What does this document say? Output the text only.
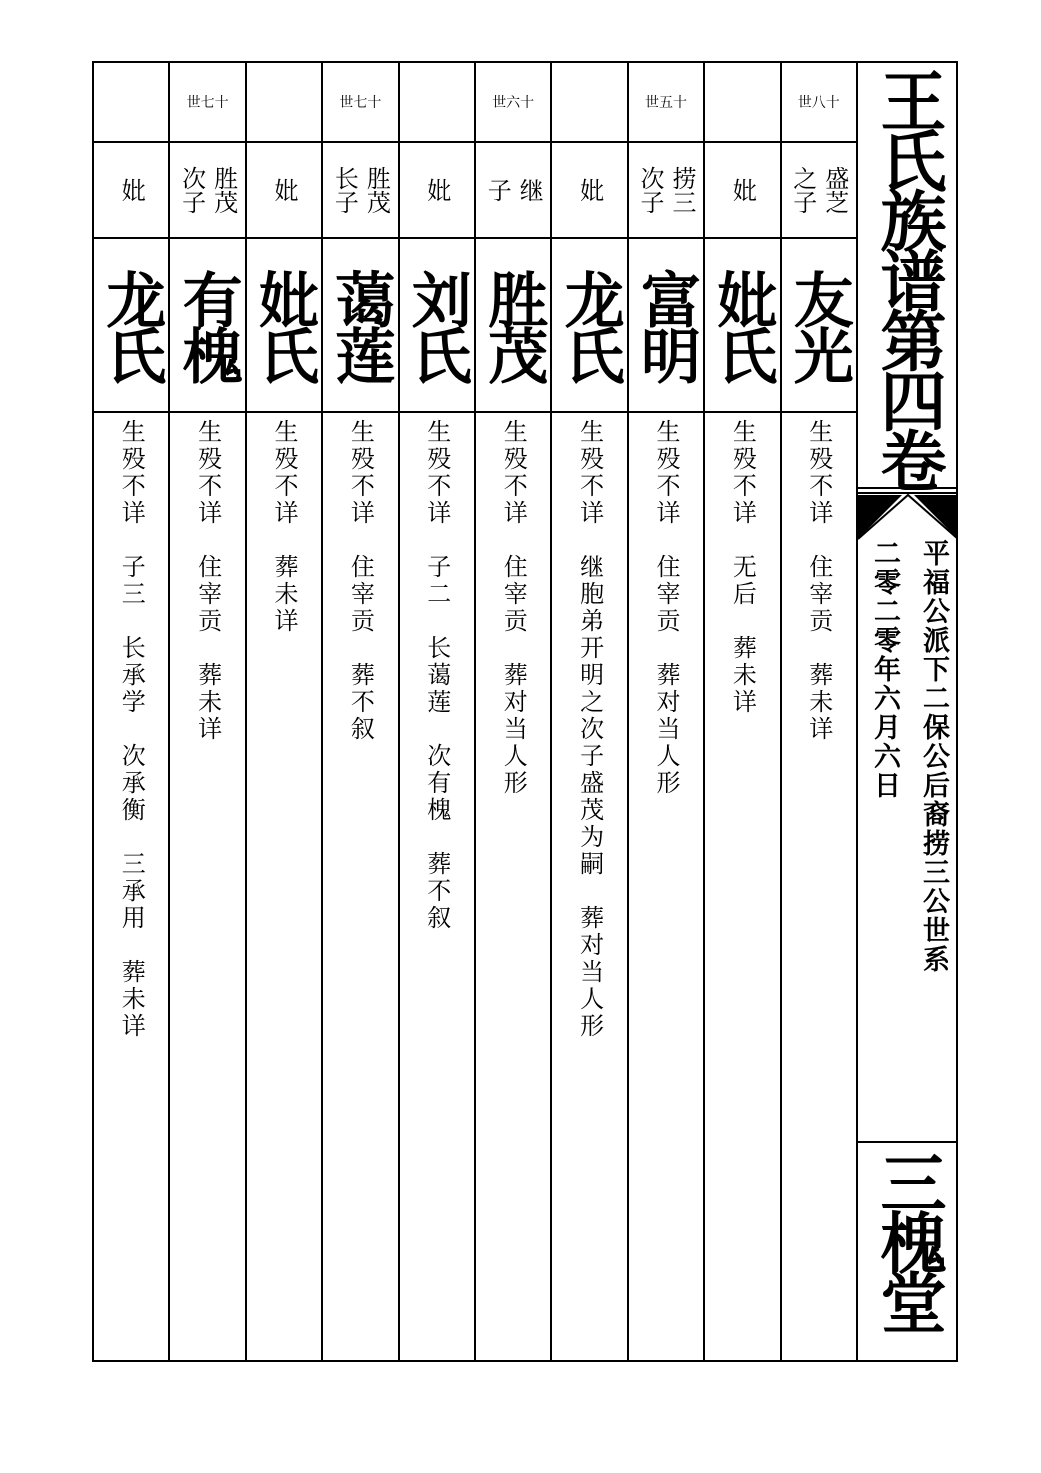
世八十
盛芝
之子
友光
生殁不详　住宰贡　葬未详
妣
妣氏
生殁不详　无后　葬未详
世五十
捞三
次子
富明
生殁不详　住宰贡　葬对当人形
妣
龙氏
生殁不详　继胞弟开明之次子盛茂为嗣　葬对当人形
世六十
继
子
胜茂
生殁不详　住宰贡　葬对当人形
妣
刘氏
生殁不详　子二　长蔼莲　次有槐　葬不叙
世七十
胜茂
长子
蔼莲
生殁不详　住宰贡　葬不叙
妣
妣氏
生殁不详　葬未详
世七十
胜茂
次子
有槐
生殁不详　住宰贡　葬未详
妣
龙氏
生殁不详　子三　长承学　次承衡　三承用　葬未详
王氏族谱第四卷
平福公派下二保公后裔捞三公世系
二零二零年六月六日
三槐堂
